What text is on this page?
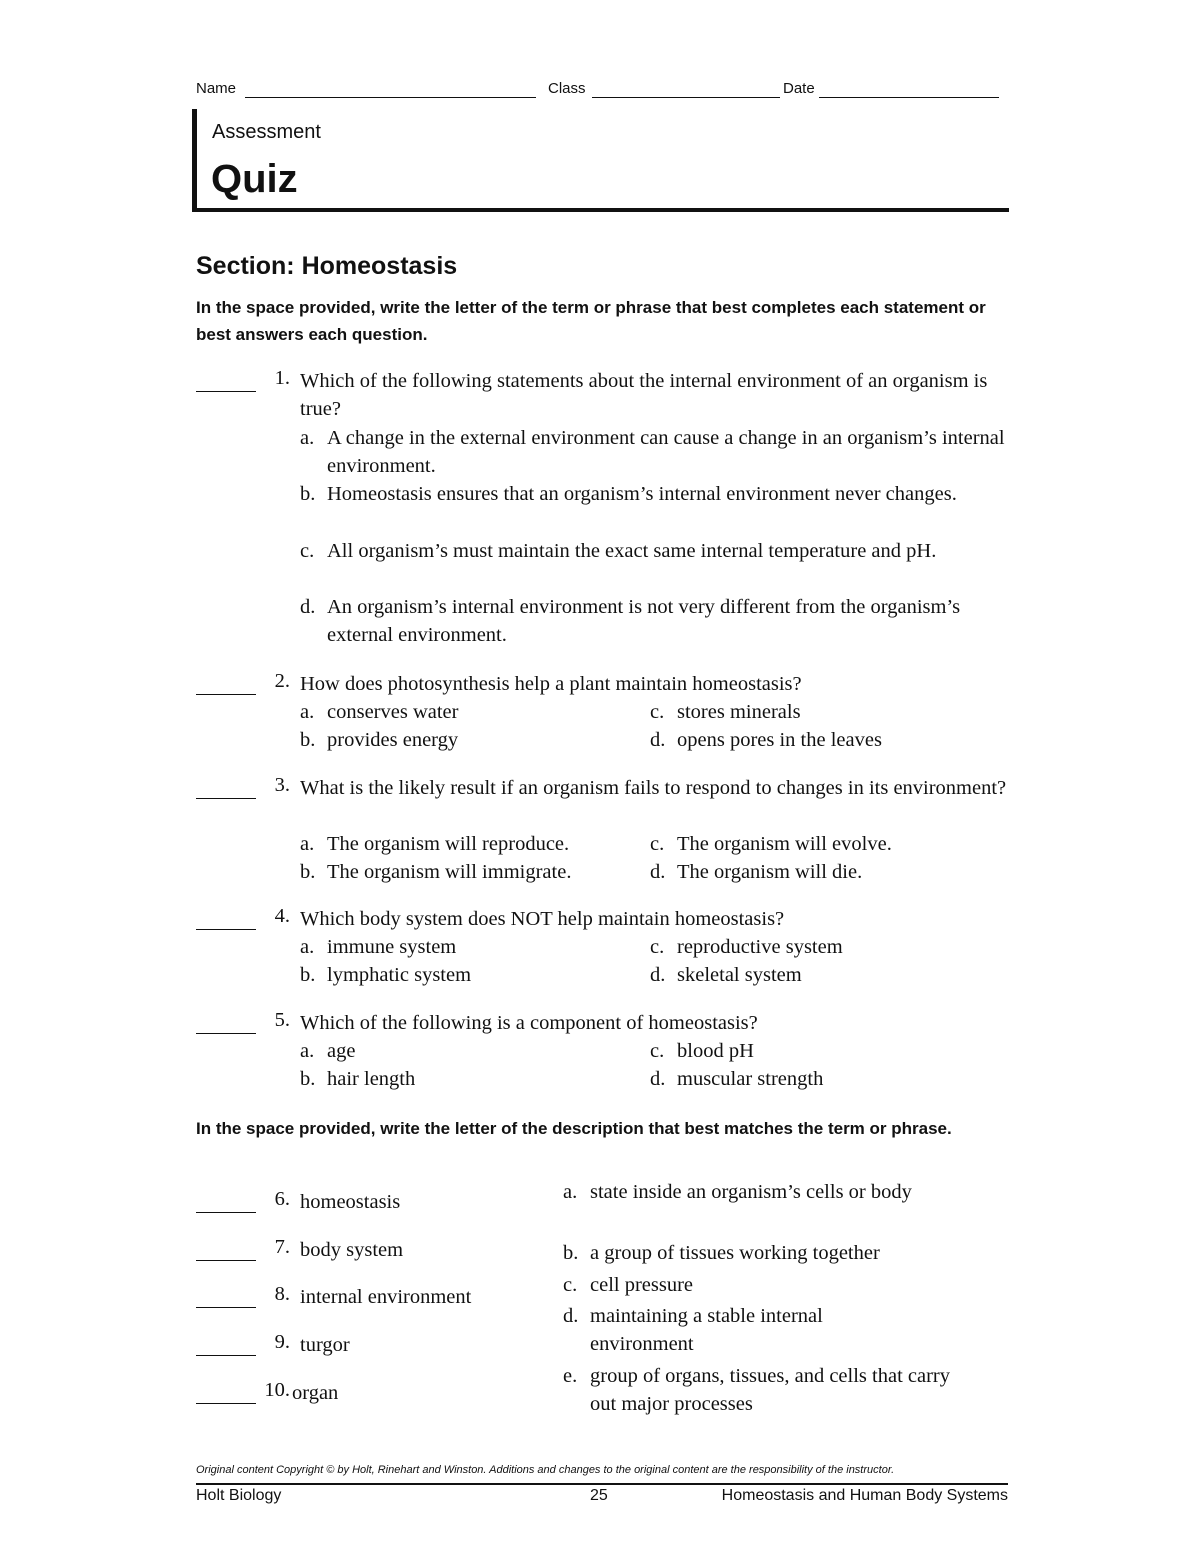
Name	Class	Date
Assessment
Quiz
Section: Homeostasis
In the space provided, write the letter of the term or phrase that best completes each statement or best answers each question.
1. Which of the following statements about the internal environment of an organism is true?
a. A change in the external environment can cause a change in an organism’s internal environment.
b. Homeostasis ensures that an organism’s internal environment never changes.
c. All organism’s must maintain the exact same internal temperature and pH.
d. An organism’s internal environment is not very different from the organism’s external environment.
2. How does photosynthesis help a plant maintain homeostasis?
a. conserves water
b. provides energy
c. stores minerals
d. opens pores in the leaves
3. What is the likely result if an organism fails to respond to changes in its environment?
a. The organism will reproduce.
b. The organism will immigrate.
c. The organism will evolve.
d. The organism will die.
4. Which body system does NOT help maintain homeostasis?
a. immune system
b. lymphatic system
c. reproductive system
d. skeletal system
5. Which of the following is a component of homeostasis?
a. age
b. hair length
c. blood pH
d. muscular strength
In the space provided, write the letter of the description that best matches the term or phrase.
6. homeostasis
7. body system
8. internal environment
9. turgor
10. organ
a. state inside an organism’s cells or body
b. a group of tissues working together
c. cell pressure
d. maintaining a stable internal environment
e. group of organs, tissues, and cells that carry out major processes
Original content Copyright © by Holt, Rinehart and Winston. Additions and changes to the original content are the responsibility of the instructor.
Holt Biology	25	Homeostasis and Human Body Systems
